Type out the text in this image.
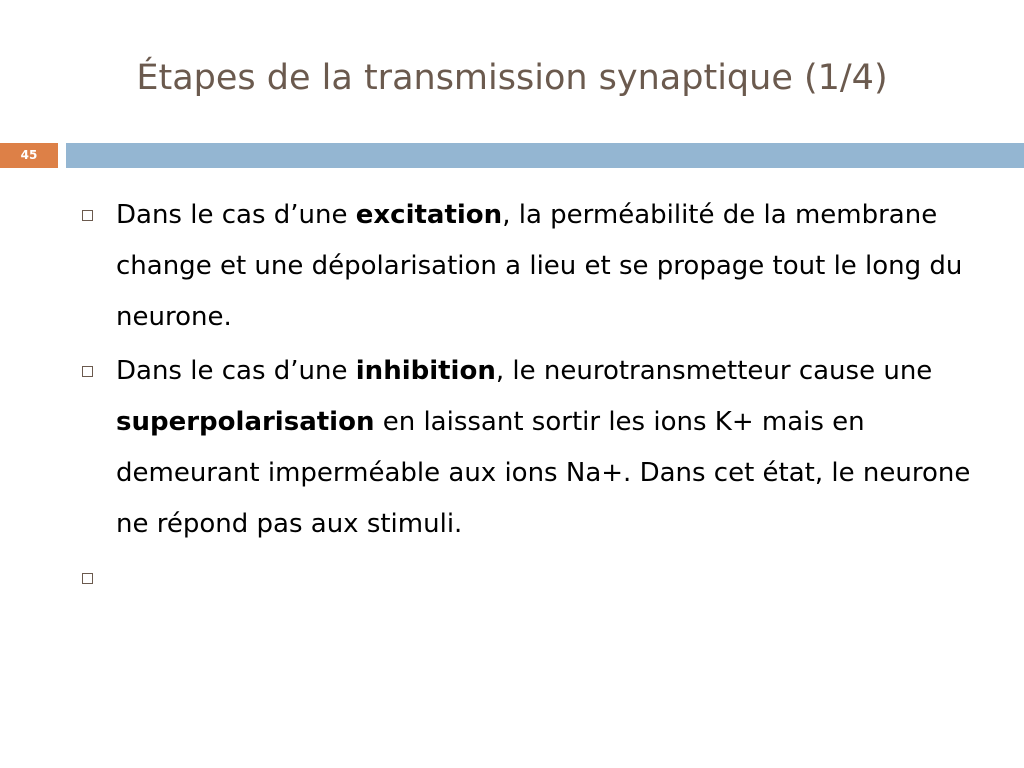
Étapes de la transmission synaptique (1/4)
45
Dans le cas d’une excitation, la perméabilité de la membrane change et une dépolarisation a lieu et se propage tout le long du neurone.
Dans le cas d’une inhibition, le neurotransmetteur cause une superpolarisation en laissant sortir les ions K+ mais en demeurant imperméable aux ions Na+. Dans cet état, le neurone ne répond pas aux stimuli.
